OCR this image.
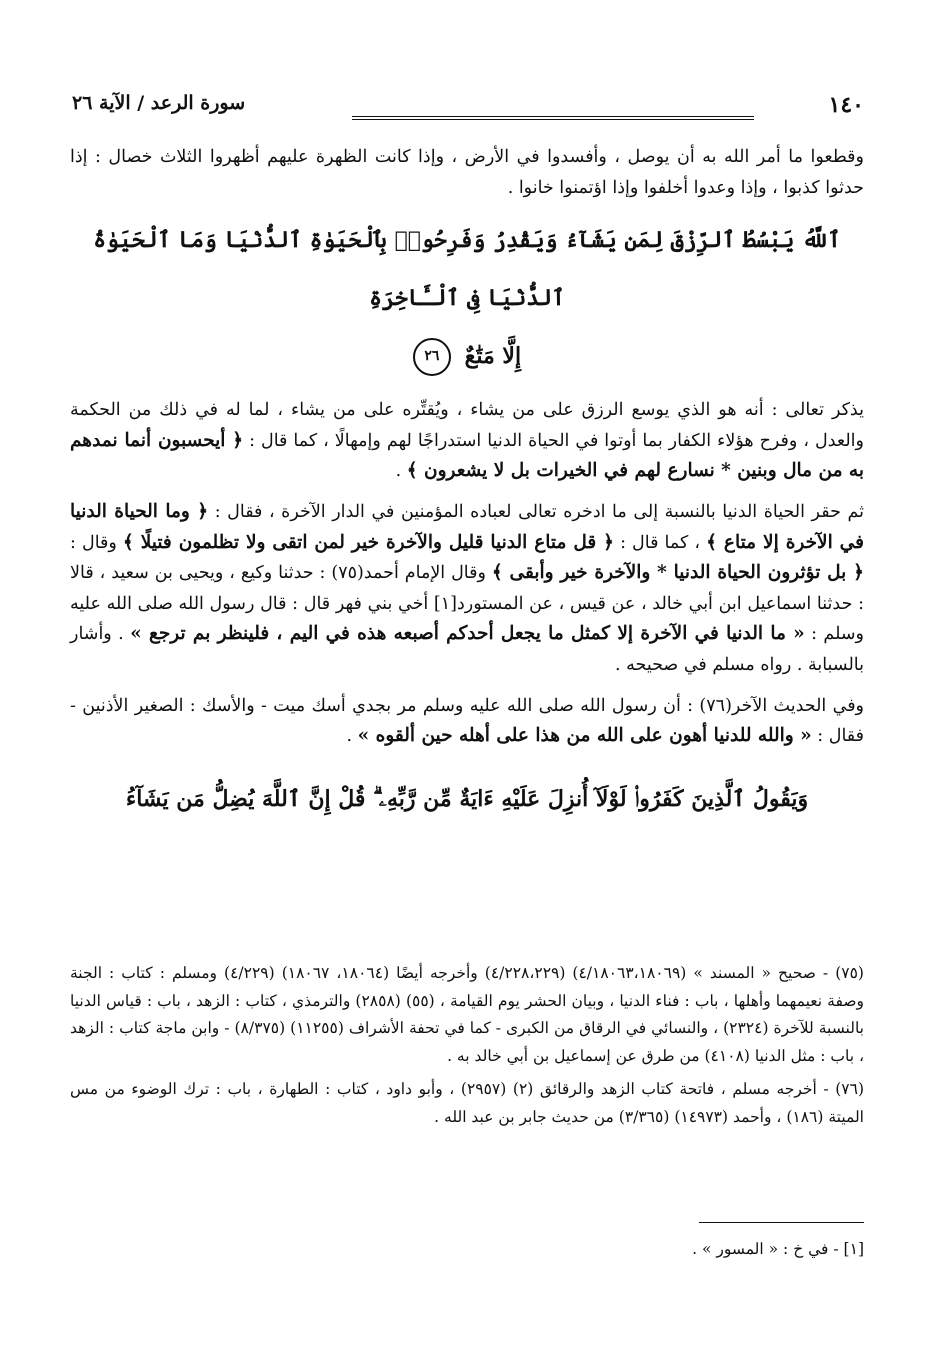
١٤٠
سورة الرعد / الآية ٢٦

وقطعوا ما أمر الله به أن يوصل ، وأفسدوا في الأرض ، وإذا كانت الظهرة عليهم أظهروا الثلاث خصال : إذا حدثوا كذبوا ، وإذا وعدوا أخلفوا وإذا اؤتمنوا خانوا .

ٱللَّهُ يَبْسُطُ ٱلرِّزْقَ لِمَن يَشَآءُ وَيَقْدِرُ وَفَرِحُوا۟ بِٱلْحَيَوٰةِ ٱلدُّنْيَا وَمَا ٱلْحَيَوٰةُ ٱلدُّنْيَا فِى ٱلْـَٔاخِرَةِ
إِلَّا مَتَٰعٌ ٢٦

يذكر تعالى : أنه هو الذي يوسع الرزق على من يشاء ، ويُقتِّره على من يشاء ، لما له في ذلك من الحكمة والعدل ، وفرح هؤلاء الكفار بما أوتوا في الحياة الدنيا استدراجًا لهم وإمهالًا ، كما قال : ﴿ أيحسبون أنما نمدهم به من مال وبنين * نسارع لهم في الخيرات بل لا يشعرون ﴾ .

ثم حقر الحياة الدنيا بالنسبة إلى ما ادخره تعالى لعباده المؤمنين في الدار الآخرة ، فقال : ﴿ وما الحياة الدنيا في الآخرة إلا متاع ﴾ ، كما قال : ﴿ قل متاع الدنيا قليل والآخرة خير لمن اتقى ولا تظلمون فتيلًا ﴾ وقال : ﴿ بل تؤثرون الحياة الدنيا * والآخرة خير وأبقى ﴾ وقال الإمام أحمد(٧٥) : حدثنا وكيع ، ويحيى بن سعيد ، قالا : حدثنا اسماعيل ابن أبي خالد ، عن قيس ، عن المستورد[١] أخي بني فهر قال : قال رسول الله صلى الله عليه وسلم : « ما الدنيا في الآخرة إلا كمثل ما يجعل أحدكم أصبعه هذه في اليم ، فلينظر بم ترجع » . وأشار بالسبابة . رواه مسلم في صحيحه .

وفي الحديث الآخر(٧٦) : أن رسول الله صلى الله عليه وسلم مر بجدي أسك ميت - والأسك : الصغير الأذنين - فقال : « والله للدنيا أهون على الله من هذا على أهله حين ألقوه » .

وَيَقُولُ ٱلَّذِينَ كَفَرُوا۟ لَوْلَآ أُنزِلَ عَلَيْهِ ءَايَةٌ مِّن رَّبِّهِۦ ۗ قُلْ إِنَّ ٱللَّهَ يُضِلُّ مَن يَشَآءُ

(٧٥) - صحيح « المسند » (٤/١٨٠٦٣،١٨٠٦٩) (٤/٢٢٨،٢٢٩) وأخرجه أيضًا (١٨٠٦٤، ١٨٠٦٧) (٤/٢٢٩) ومسلم : كتاب : الجنة وصفة نعيمهما وأهلها ، باب : فناء الدنيا ، وبيان الحشر يوم القيامة ، (٥٥) (٢٨٥٨) والترمذي ، كتاب : الزهد ، باب : قياس الدنيا بالنسبة للآخرة (٢٣٢٤) ، والنسائي في الرقاق من الكبرى - كما في تحفة الأشراف (١١٢٥٥) (٨/٣٧٥) - وابن ماجة كتاب : الزهد ، باب : مثل الدنيا (٤١٠٨) من طرق عن إسماعيل بن أبي خالد به .

(٧٦) - أخرجه مسلم ، فاتحة كتاب الزهد والرقائق (٢) (٢٩٥٧) ، وأبو داود ، كتاب : الطهارة ، باب : ترك الوضوء من مس الميتة (١٨٦) ، وأحمد (١٤٩٧٣) (٣/٣٦٥) من حديث جابر بن عبد الله .

[١] - في خ : « المسور » .
